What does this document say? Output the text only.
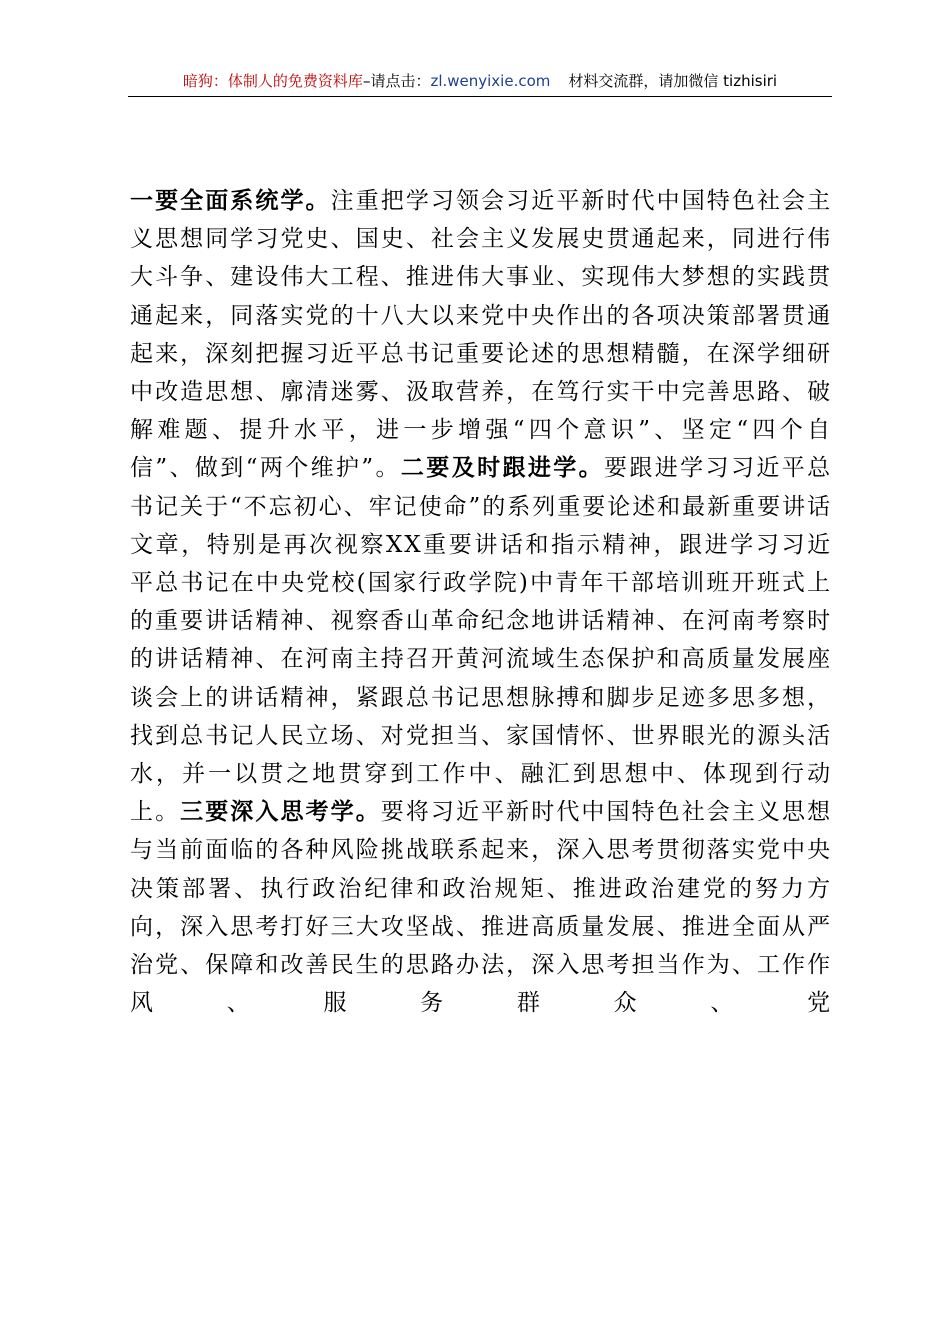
暗狗：体制人的免费资料库–请点击：zl.wenyixie.com 材料交流群，请加微信 tizhisiri

一要全面系统学。注重把学习领会习近平新时代中国特色社会主义思想同学习党史、国史、社会主义发展史贯通起来，同进行伟大斗争、建设伟大工程、推进伟大事业、实现伟大梦想的实践贯通起来，同落实党的十八大以来党中央作出的各项决策部署贯通起来，深刻把握习近平总书记重要论述的思想精髓，在深学细研中改造思想、廓清迷雾、汲取营养，在笃行实干中完善思路、破解难题、提升水平，进一步增强“四个意识”、坚定“四个自信”、做到“两个维护”。二要及时跟进学。要跟进学习习近平总书记关于“不忘初心、牢记使命”的系列重要论述和最新重要讲话文章，特别是再次视察XX重要讲话和指示精神，跟进学习习近平总书记在中央党校(国家行政学院)中青年干部培训班开班式上的重要讲话精神、视察香山革命纪念地讲话精神、在河南考察时的讲话精神、在河南主持召开黄河流域生态保护和高质量发展座谈会上的讲话精神，紧跟总书记思想脉搏和脚步足迹多思多想，找到总书记人民立场、对党担当、家国情怀、世界眼光的源头活水，并一以贯之地贯穿到工作中、融汇到思想中、体现到行动上。三要深入思考学。要将习近平新时代中国特色社会主义思想与当前面临的各种风险挑战联系起来，深入思考贯彻落实党中央决策部署、执行政治纪律和政治规矩、推进政治建党的努力方向，深入思考打好三大攻坚战、推进高质量发展、推进全面从严治党、保障和改善民生的思路办法，深入思考担当作为、工作作风、服务群众、党
